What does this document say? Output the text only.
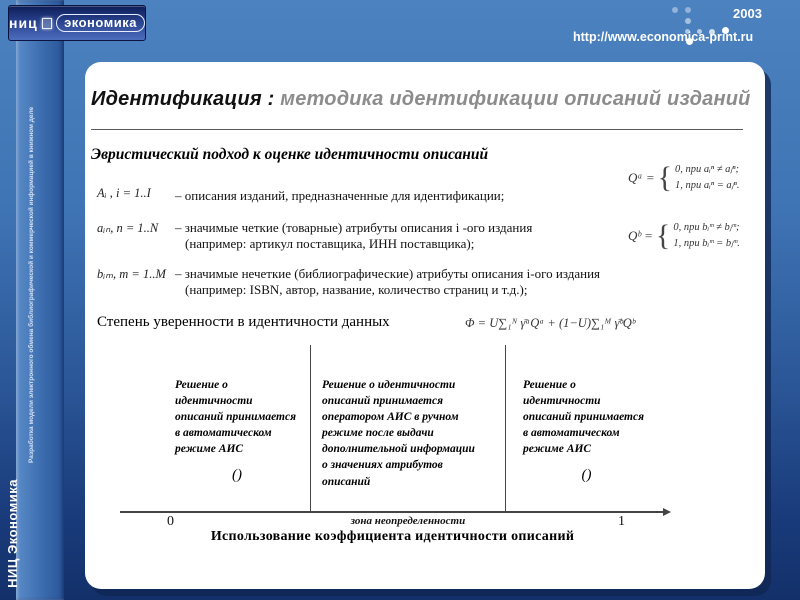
НИЦ Экономика
Разработка модели электронного обмена библиографической и коммерческой информацией в книжном деле
ниц	экономика
2003
http://www.economica-print.ru
Идентификация : методика идентификации описаний изданий
Эвристический подход к оценке идентичности описаний
Aᵢ , i = 1..I – описания изданий, предназначенные для идентификации;
aᵢₙ, n = 1..N – значимые четкие (товарные) атрибуты описания i -ого издания
(например: артикул поставщика, ИНН поставщика);
bᵢₘ, m = 1..M – значимые нечеткие (библиографические) атрибуты описания i-ого издания
(например: ISBN, автор, название, количество страниц и т.д.);
Qᵃ = { 0, при aᵢⁿ ≠ aⱼⁿ;
1, при aᵢⁿ = aⱼⁿ.
Qᵇ = { 0, при bᵢᵐ ≠ bⱼᵐ;
1, при bᵢᵐ = bⱼᵐ.
Степень уверенности в идентичности данных	Φ = U∑₁ᴺ γ̄ᵃQᵃ + (1−U)∑₁ᴹ γ̄ᵇQᵇ
Решение о идентичности описаний принимается в автоматическом режиме АИС
()
Решение о идентичности описаний принимается оператором АИС в ручном режиме после выдачи дополнительной информации о значениях атрибутов описаний
Решение о идентичности описаний принимается в автоматическом режиме АИС
()
0	зона неопределенности	1
Использование коэффициента идентичности описаний
